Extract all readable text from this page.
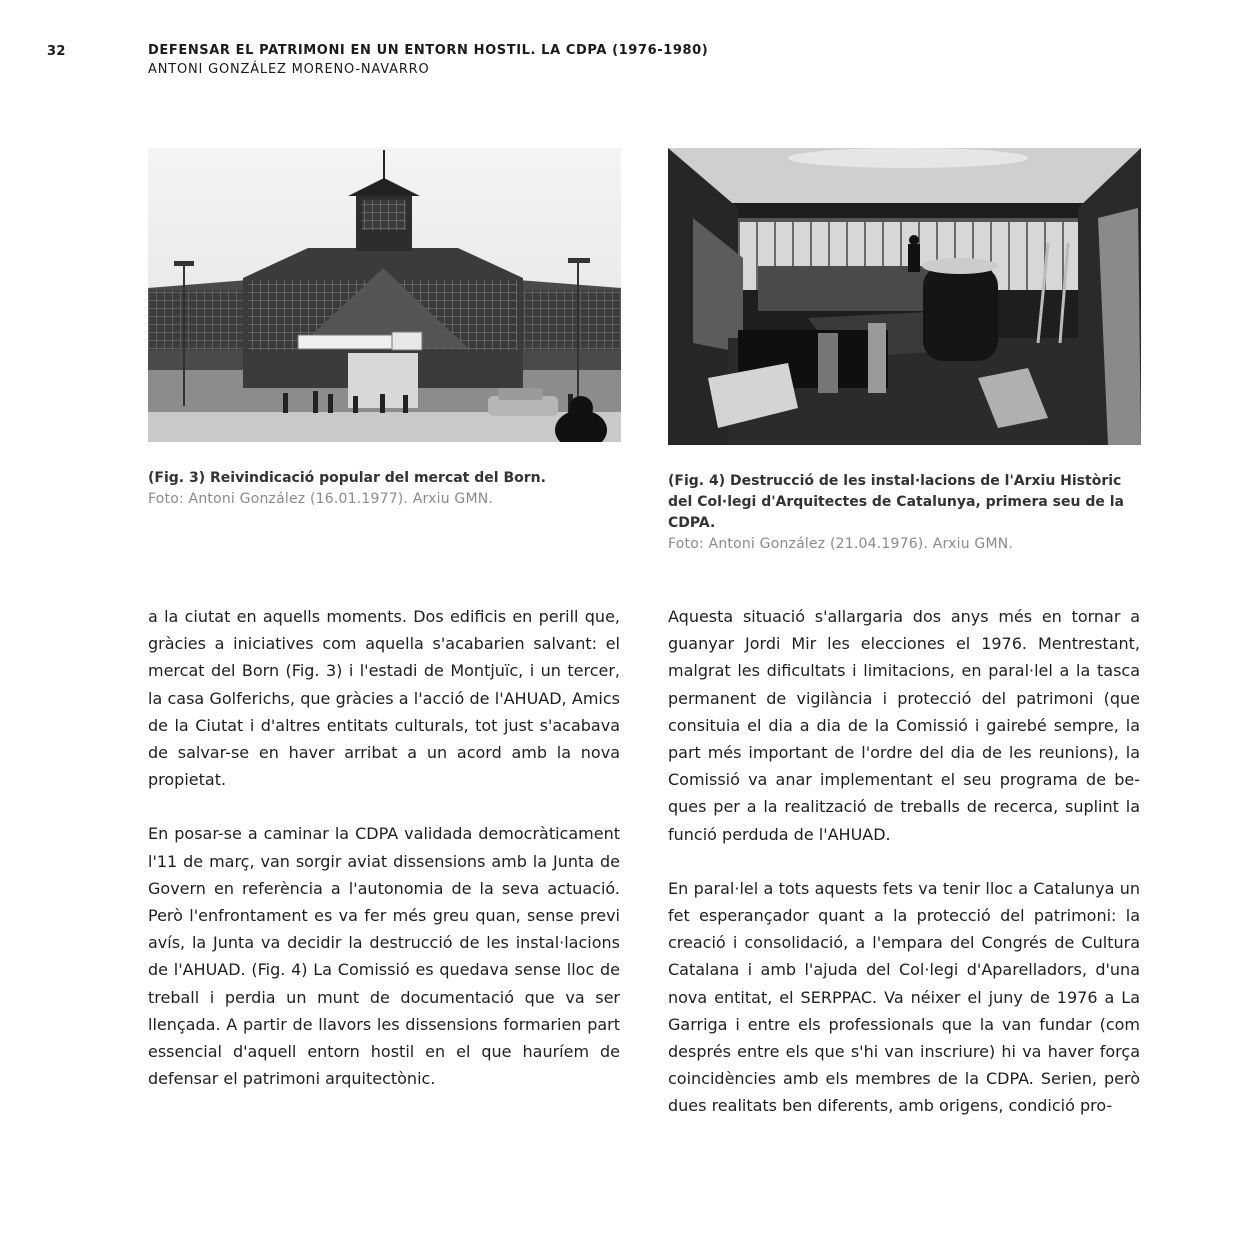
32	DEFENSAR EL PATRIMONI EN UN ENTORN HOSTIL. LA CDPA (1976-1980)
ANTONI GONZÁLEZ MORENO-NAVARRO
(Fig. 3) Reivindicació popular del mercat del Born.
Foto: Antoni González (16.01.1977). Arxiu GMN.
(Fig. 4) Destrucció de les instal·lacions de l'Arxiu Històric del Col·legi d'Arquitectes de Catalunya, primera seu de la CDPA.
Foto: Antoni González (21.04.1976). Arxiu GMN.

a la ciutat en aquells moments. Dos edificis en perill que, gràcies a iniciatives com aquella s'acabarien salvant: el mercat del Born (Fig. 3) i l'estadi de Montjuïc, i un tercer, la casa Golferichs, que gràcies a l'acció de l'AHUAD, Amics de la Ciutat i d'altres entitats culturals, tot just s'acabava de salvar-se en haver arribat a un acord amb la nova propietat.

En posar-se a caminar la CDPA validada democràticament l'11 de març, van sorgir aviat dissensions amb la Junta de Govern en referència a l'autonomia de la seva actuació. Però l'enfrontament es va fer més greu quan, sense previ avís, la Junta va decidir la destrucció de les instal·lacions de l'AHUAD. (Fig. 4) La Comissió es quedava sense lloc de treball i perdia un munt de documentació que va ser llençada. A partir de llavors les dissensions formarien part essencial d'aquell entorn hostil en el que hauríem de defensar el patrimoni arquitectònic.

Aquesta situació s'allargaria dos anys més en tornar a guanyar Jordi Mir les elecciones el 1976. Mentrestant, malgrat les dificultats i limitacions, en paral·lel a la tasca permanent de vigilància i protecció del patrimoni (que consituia el dia a dia de la Comissió i gairebé sempre, la part més important de l'ordre del dia de les reunions), la Comissió va anar implementant el seu programa de beques per a la realització de treballs de recerca, suplint la funció perduda de l'AHUAD.

En paral·lel a tots aquests fets va tenir lloc a Catalunya un fet esperançador quant a la protecció del patrimoni: la creació i consolidació, a l'empara del Congrés de Cultura Catalana i amb l'ajuda del Col·legi d'Aparelladors, d'una nova entitat, el SERPPAC. Va néixer el juny de 1976 a La Garriga i entre els professionals que la van fundar (com després entre els que s'hi van inscriure) hi va haver força coincidències amb els membres de la CDPA. Serien, però dues realitats ben diferents, amb origens, condició pro-
